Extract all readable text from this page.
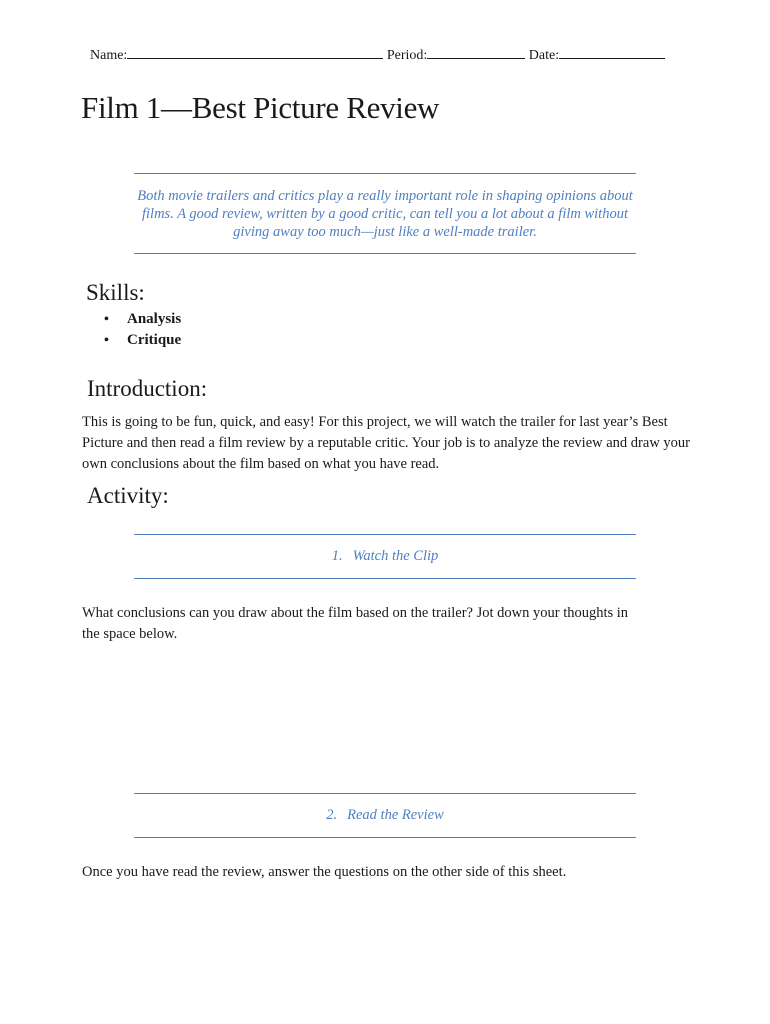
Name:	Period:	Date:
Film 1—Best Picture Review
Both movie trailers and critics play a really important role in shaping opinions about films. A good review, written by a good critic, can tell you a lot about a film without giving away too much—just like a well-made trailer.
Skills:
• Analysis
• Critique
Introduction:
This is going to be fun, quick, and easy! For this project, we will watch the trailer for last year’s Best Picture and then read a film review by a reputable critic. Your job is to analyze the review and draw your own conclusions about the film based on what you have read.
Activity:
1. Watch the Clip
What conclusions can you draw about the film based on the trailer? Jot down your thoughts in the space below.
2. Read the Review
Once you have read the review, answer the questions on the other side of this sheet.
